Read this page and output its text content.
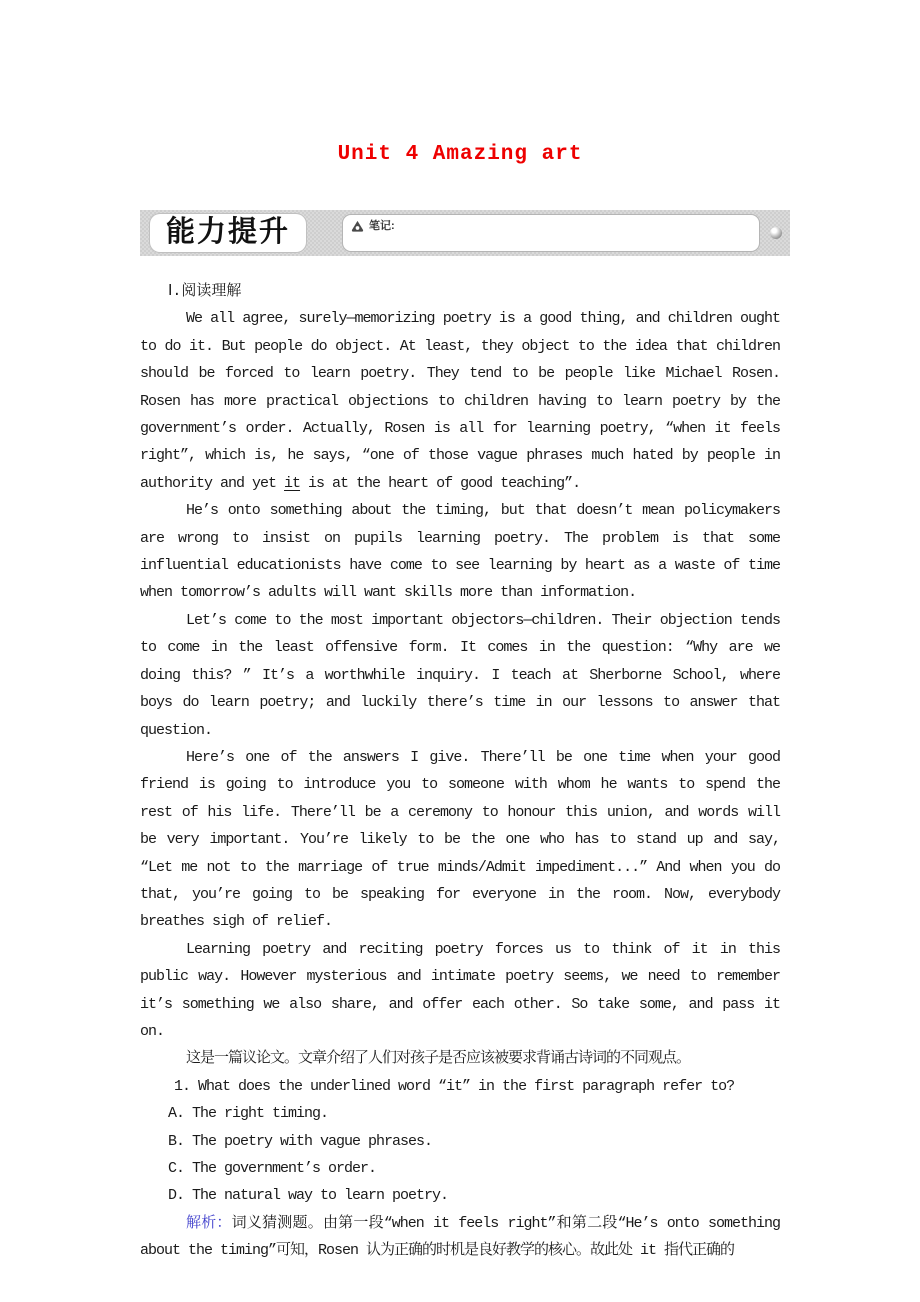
Unit 4 Amazing art
能力提升	笔记:

Ⅰ.阅读理解

We all agree, surely—memorizing poetry is a good thing, and children ought to do it. But people do object. At least, they object to the idea that children should be forced to learn poetry. They tend to be people like Michael Rosen. Rosen has more practical objections to children having to learn poetry by the government’s order. Actually, Rosen is all for learning poetry, “when it feels right”, which is, he says, “one of those vague phrases much hated by people in authority and yet it is at the heart of good teaching”.

He’s onto something about the timing, but that doesn’t mean policymakers are wrong to insist on pupils learning poetry. The problem is that some influential educationists have come to see learning by heart as a waste of time when tomorrow’s adults will want skills more than information.

Let’s come to the most important objectors—children. Their objection tends to come in the least offensive form. It comes in the question: “Why are we doing this? ” It’s a worthwhile inquiry. I teach at Sherborne School, where boys do learn poetry; and luckily there’s time in our lessons to answer that question.

Here’s one of the answers I give. There’ll be one time when your good friend is going to introduce you to someone with whom he wants to spend the rest of his life. There’ll be a ceremony to honour this union, and words will be very important. You’re likely to be the one who has to stand up and say, “Let me not to the marriage of true minds/Admit impediment...” And when you do that, you’re going to be speaking for everyone in the room. Now, everybody breathes sigh of relief.

Learning poetry and reciting poetry forces us to think of it in this public way. However mysterious and intimate poetry seems, we need to remember it’s something we also share, and offer each other. So take some, and pass it on.

这是一篇议论文。文章介绍了人们对孩子是否应该被要求背诵古诗词的不同观点。

1. What does the underlined word “it” in the first paragraph refer to?

A. The right timing.

B. The poetry with vague phrases.

C. The government’s order.

D. The natural way to learn poetry.

解析：词义猜测题。由第一段“when it feels right”和第二段“He’s onto something about the timing”可知，Rosen 认为正确的时机是良好教学的核心。故此处 it 指代正确的
